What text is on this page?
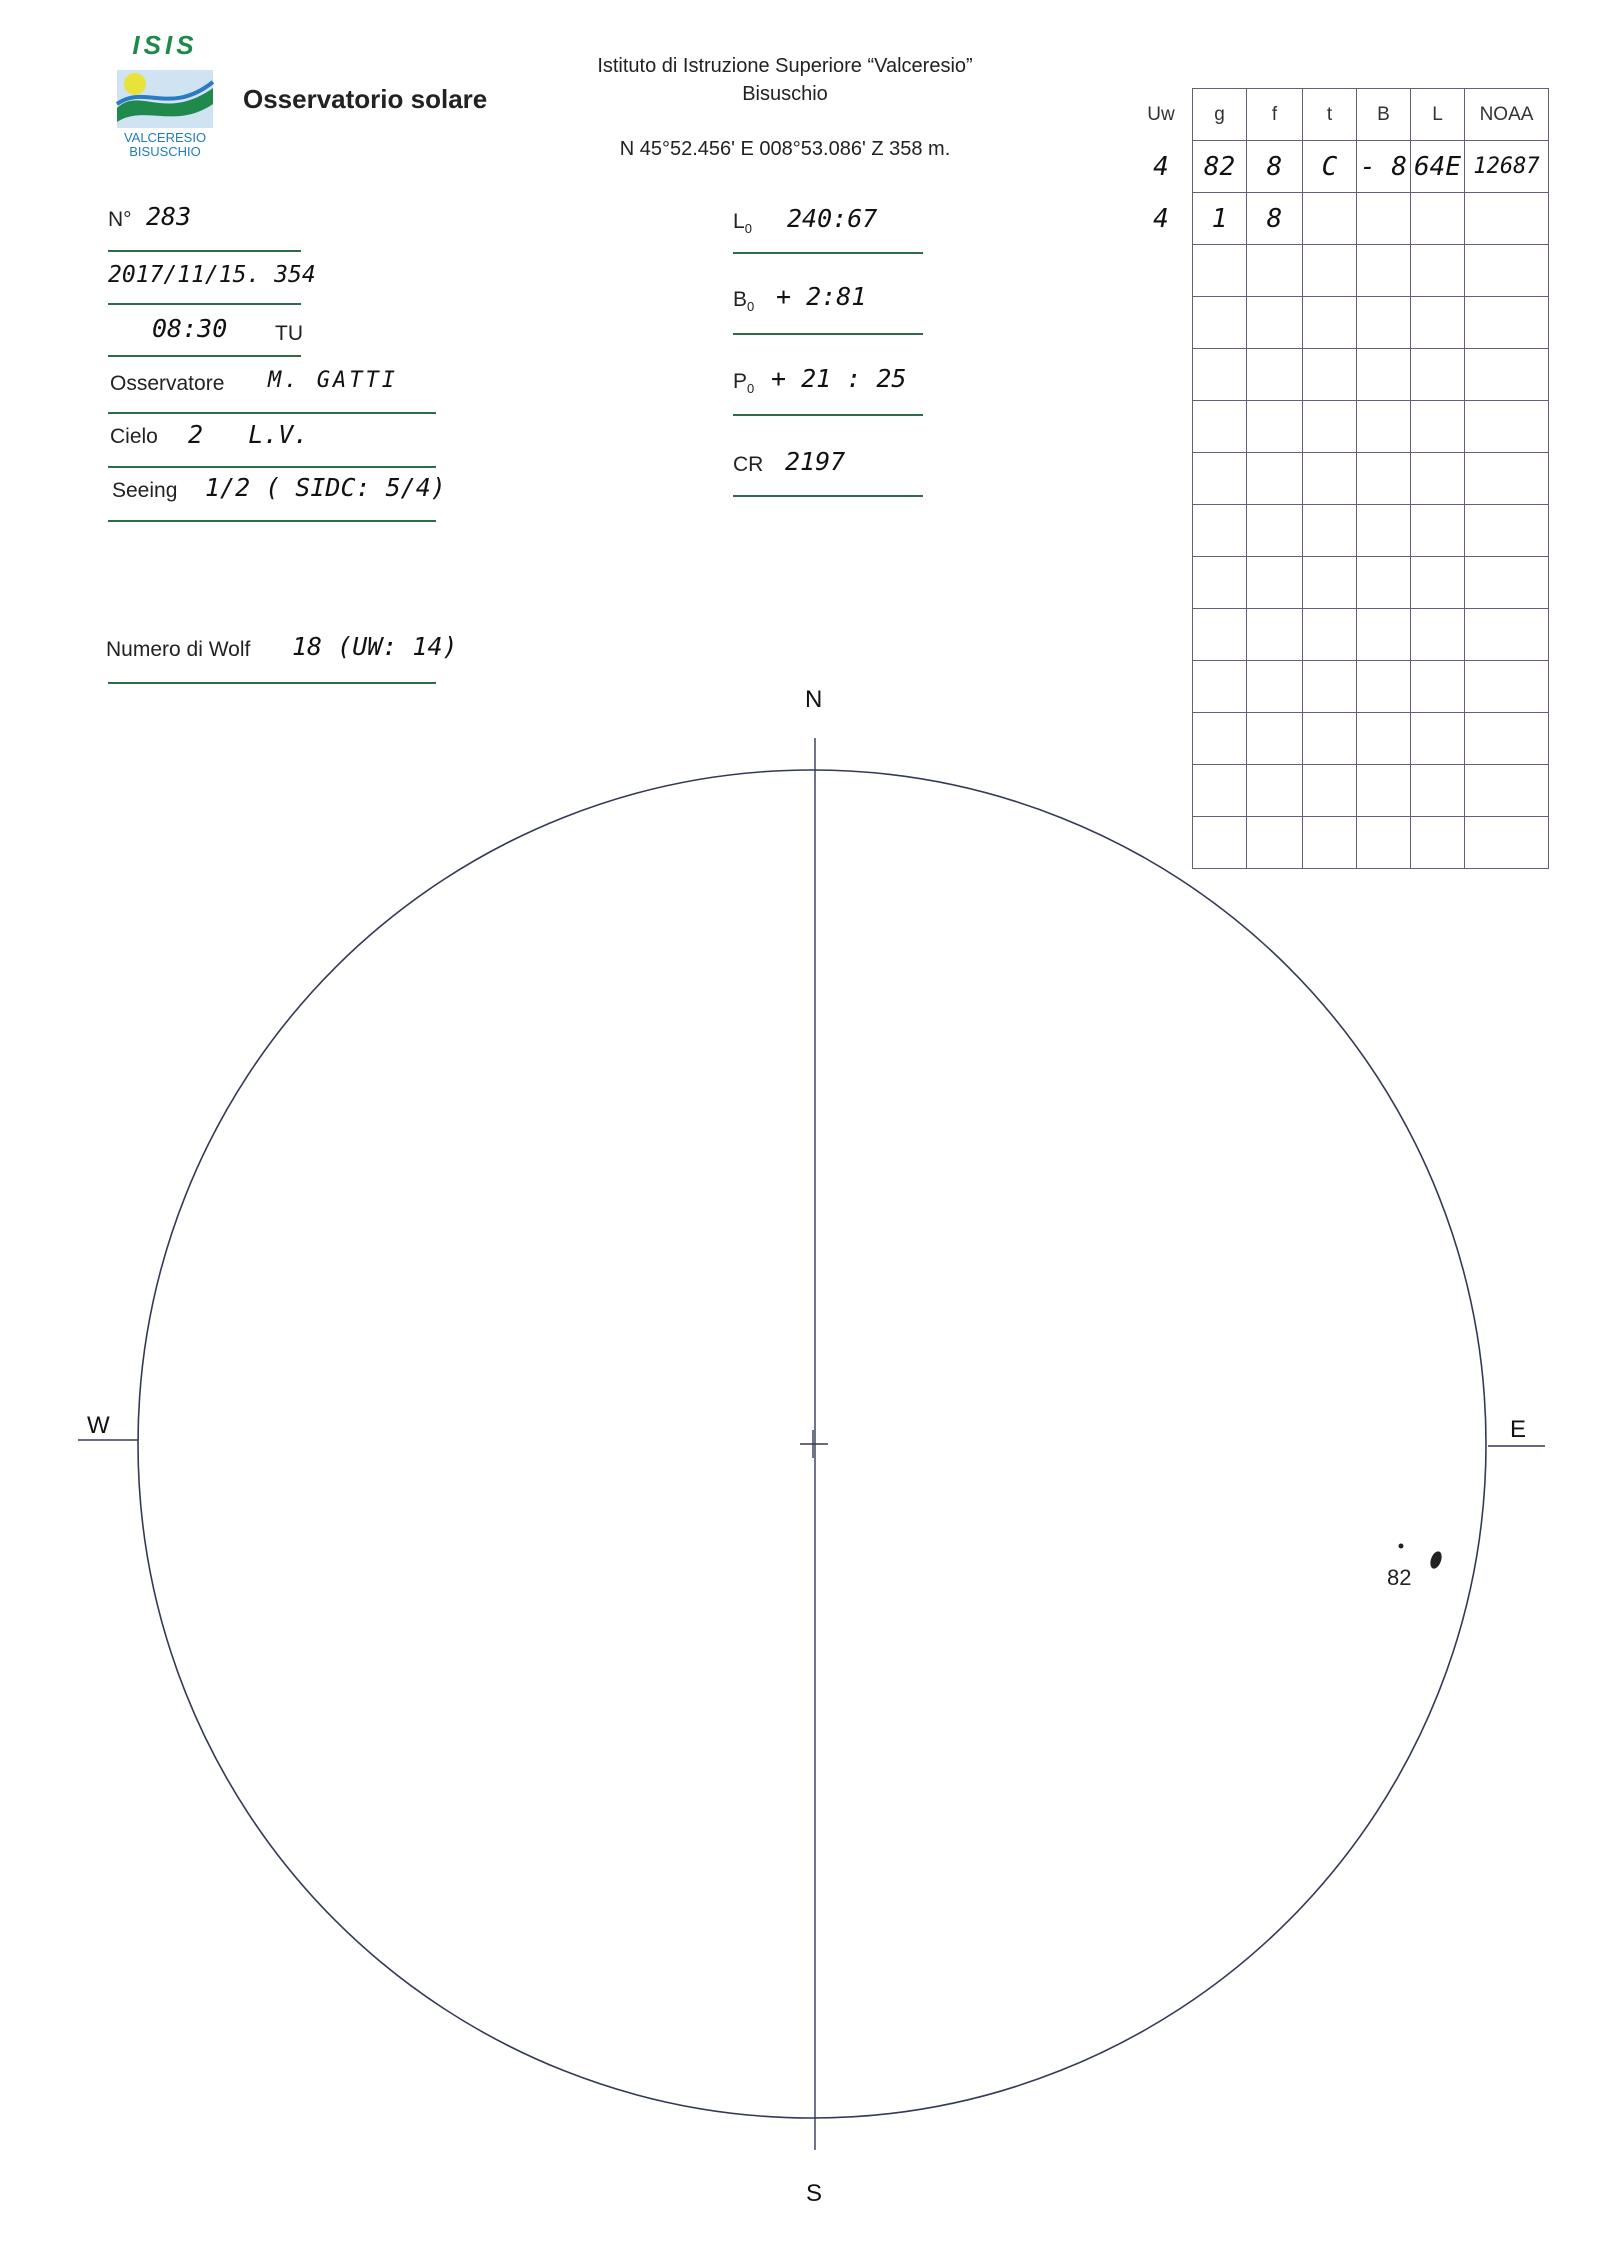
ISIS
VALCERESIO
BISUSCHIO
Osservatorio solare
Istituto di Istruzione Superiore “Valceresio”
Bisuschio
N 45°52.456' E 008°53.086' Z 358 m.
N° 283
2017/11/15. 354
08:30 TU
Osservatore M. GATTI
Cielo 2   L.V.
Seeing 1/2 ( SIDC: 5/4)
Numero di Wolf 18 (UW: 14)
$L_0$ 240:67
$B_0$ + 2:81
$P_0 + 21$ : 25
CR 2197
Uw	g	f	t	B	L	NOAA
4	82	8	C	- 8	64E	12687
4	1	8				

N
S
E
W
82
